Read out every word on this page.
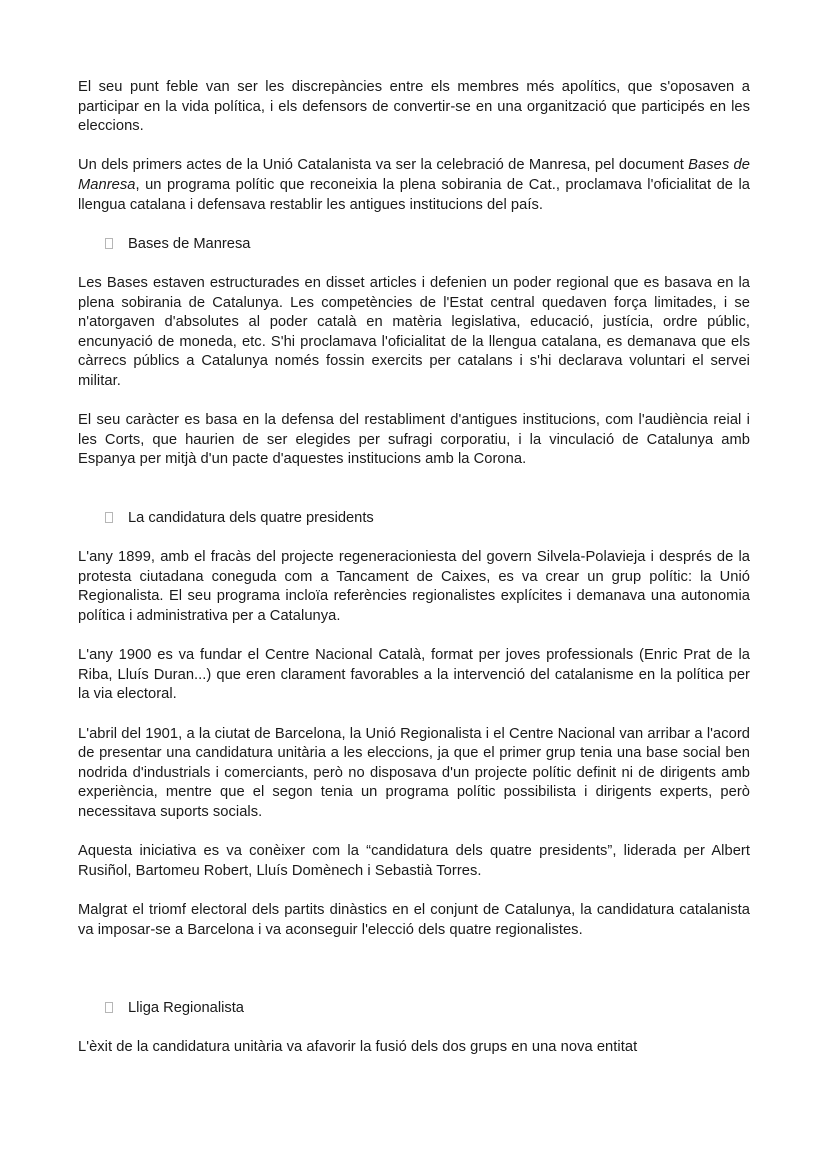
El seu punt feble van ser les discrepàncies entre els membres més apolítics, que s'oposaven a participar en la vida política, i els defensors de convertir-se en una organització que participés en les eleccions.

Un dels primers actes de la Unió Catalanista va ser la celebració de Manresa, pel document Bases de Manresa, un programa polític que reconeixia la plena sobirania de Cat., proclamava l'oficialitat de la llengua catalana i defensava restablir les antigues institucions del país.

Bases de Manresa

Les Bases estaven estructurades en disset articles i defenien un poder regional que es basava en la plena sobirania de Catalunya. Les competències de l'Estat central quedaven força limitades, i se n'atorgaven d'absolutes al poder català en matèria legislativa, educació, justícia, ordre públic, encunyació de moneda, etc. S'hi proclamava l'oficialitat de la llengua catalana, es demanava que els càrrecs públics a Catalunya només fossin exercits per catalans i s'hi declarava voluntari el servei militar.

El seu caràcter es basa en la defensa del restabliment d'antigues institucions, com l'audiència reial i les Corts, que haurien de ser elegides per sufragi corporatiu, i la vinculació de Catalunya amb Espanya per mitjà d'un pacte d'aquestes institucions amb la Corona.

La candidatura dels quatre presidents

L'any 1899, amb el fracàs del projecte regeneracioniesta del govern Silvela-Polavieja i després de la protesta ciutadana coneguda com a Tancament de Caixes, es va crear un grup polític: la Unió Regionalista. El seu programa incloïa referències regionalistes explícites i demanava una autonomia política i administrativa per a Catalunya.

L'any 1900 es va fundar el Centre Nacional Català, format per joves professionals (Enric Prat de la Riba, Lluís Duran...) que eren clarament favorables a la intervenció del catalanisme en la política per la via electoral.

L'abril del 1901, a la ciutat de Barcelona, la Unió Regionalista i el Centre Nacional van arribar a l'acord de presentar una candidatura unitària a les eleccions, ja que el primer grup tenia una base social ben nodrida d'industrials i comerciants, però no disposava d'un projecte polític definit ni de dirigents amb experiència, mentre que el segon tenia un programa polític possibilista i dirigents experts, però necessitava suports socials.

Aquesta iniciativa es va conèixer com la “candidatura dels quatre presidents”, liderada per Albert Rusiñol, Bartomeu Robert, Lluís Domènech i Sebastià Torres.

Malgrat el triomf electoral dels partits dinàstics en el conjunt de Catalunya, la candidatura catalanista va imposar-se a Barcelona i va aconseguir l'elecció dels quatre regionalistes.

Lliga Regionalista

L'èxit de la candidatura unitària va afavorir la fusió dels dos grups en una nova entitat
